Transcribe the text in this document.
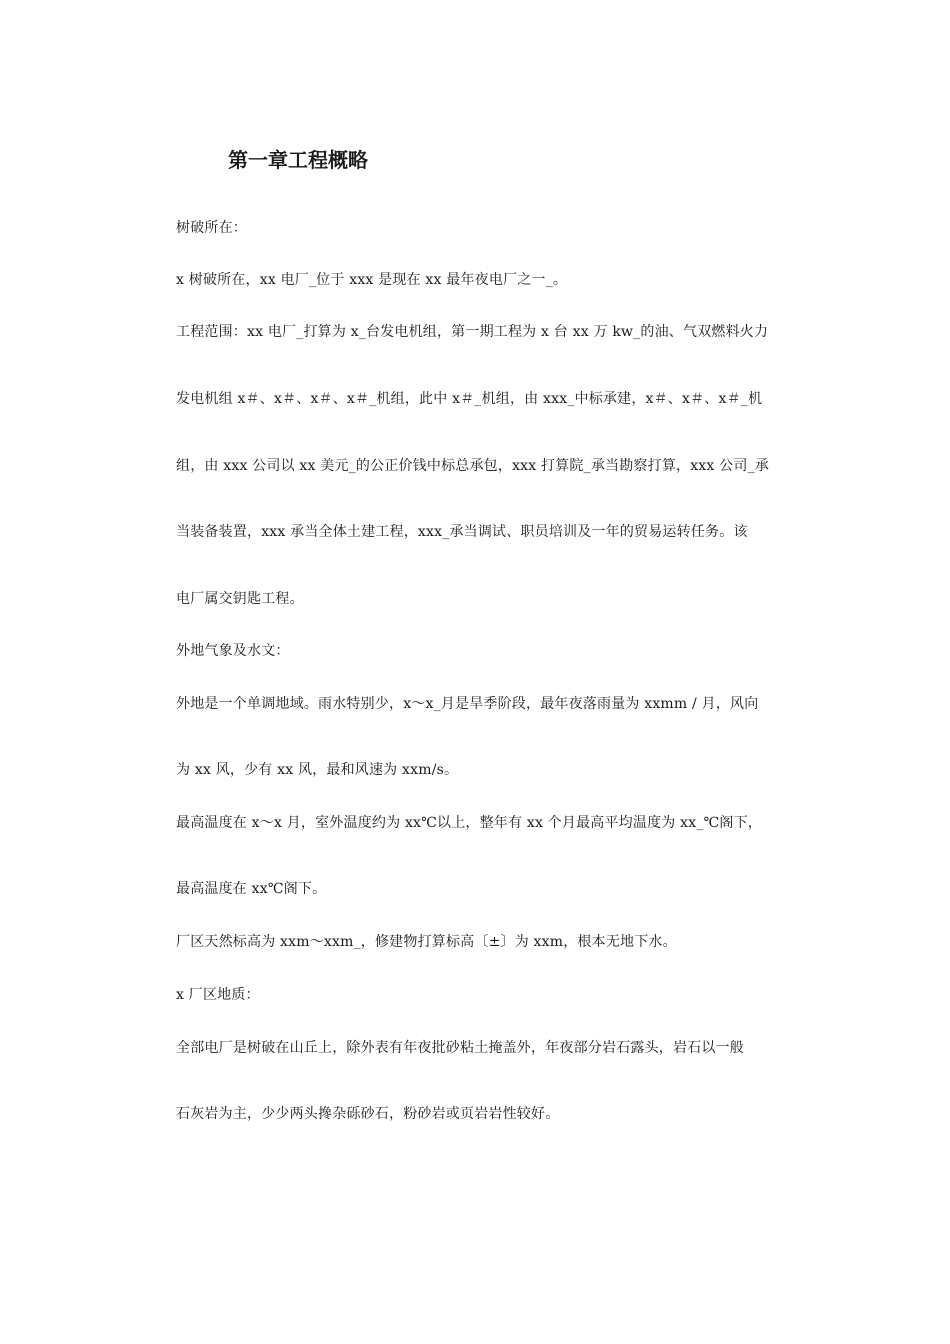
第一章工程概略
树破所在：
x 树破所在，xx 电厂_位于 xxx 是现在 xx 最年夜电厂之一_。
工程范围：xx 电厂_打算为 x_台发电机组，第一期工程为 x 台 xx 万 kw_的油、气双燃料火力
发电机组 x＃、x＃、x＃、x＃_机组，此中 x＃_机组，由 xxx_中标承建，x＃、x＃、x＃_机
组，由 xxx 公司以 xx 美元_的公正价钱中标总承包，xxx 打算院_承当勘察打算，xxx 公司_承
当装备装置，xxx 承当全体土建工程，xxx_承当调试、职员培训及一年的贸易运转任务。该
电厂属交钥匙工程。
外地气象及水文：
外地是一个单调地域。雨水特别少，x～x_月是旱季阶段，最年夜落雨量为 xxmm / 月，风向
为 xx 风，少有 xx 风，最和风速为 xxm/s。
最高温度在 x～x 月，室外温度约为 xx℃以上，整年有 xx 个月最高平均温度为 xx_℃阁下，
最高温度在 xx℃阁下。
厂区天然标高为 xxm～xxm_，修建物打算标高〔±〕为 xxm，根本无地下水。
x 厂区地质：
全部电厂是树破在山丘上，除外表有年夜批砂粘土掩盖外，年夜部分岩石露头，岩石以一般
石灰岩为主，少少两头搀杂砾砂石，粉砂岩或页岩岩性较好。
